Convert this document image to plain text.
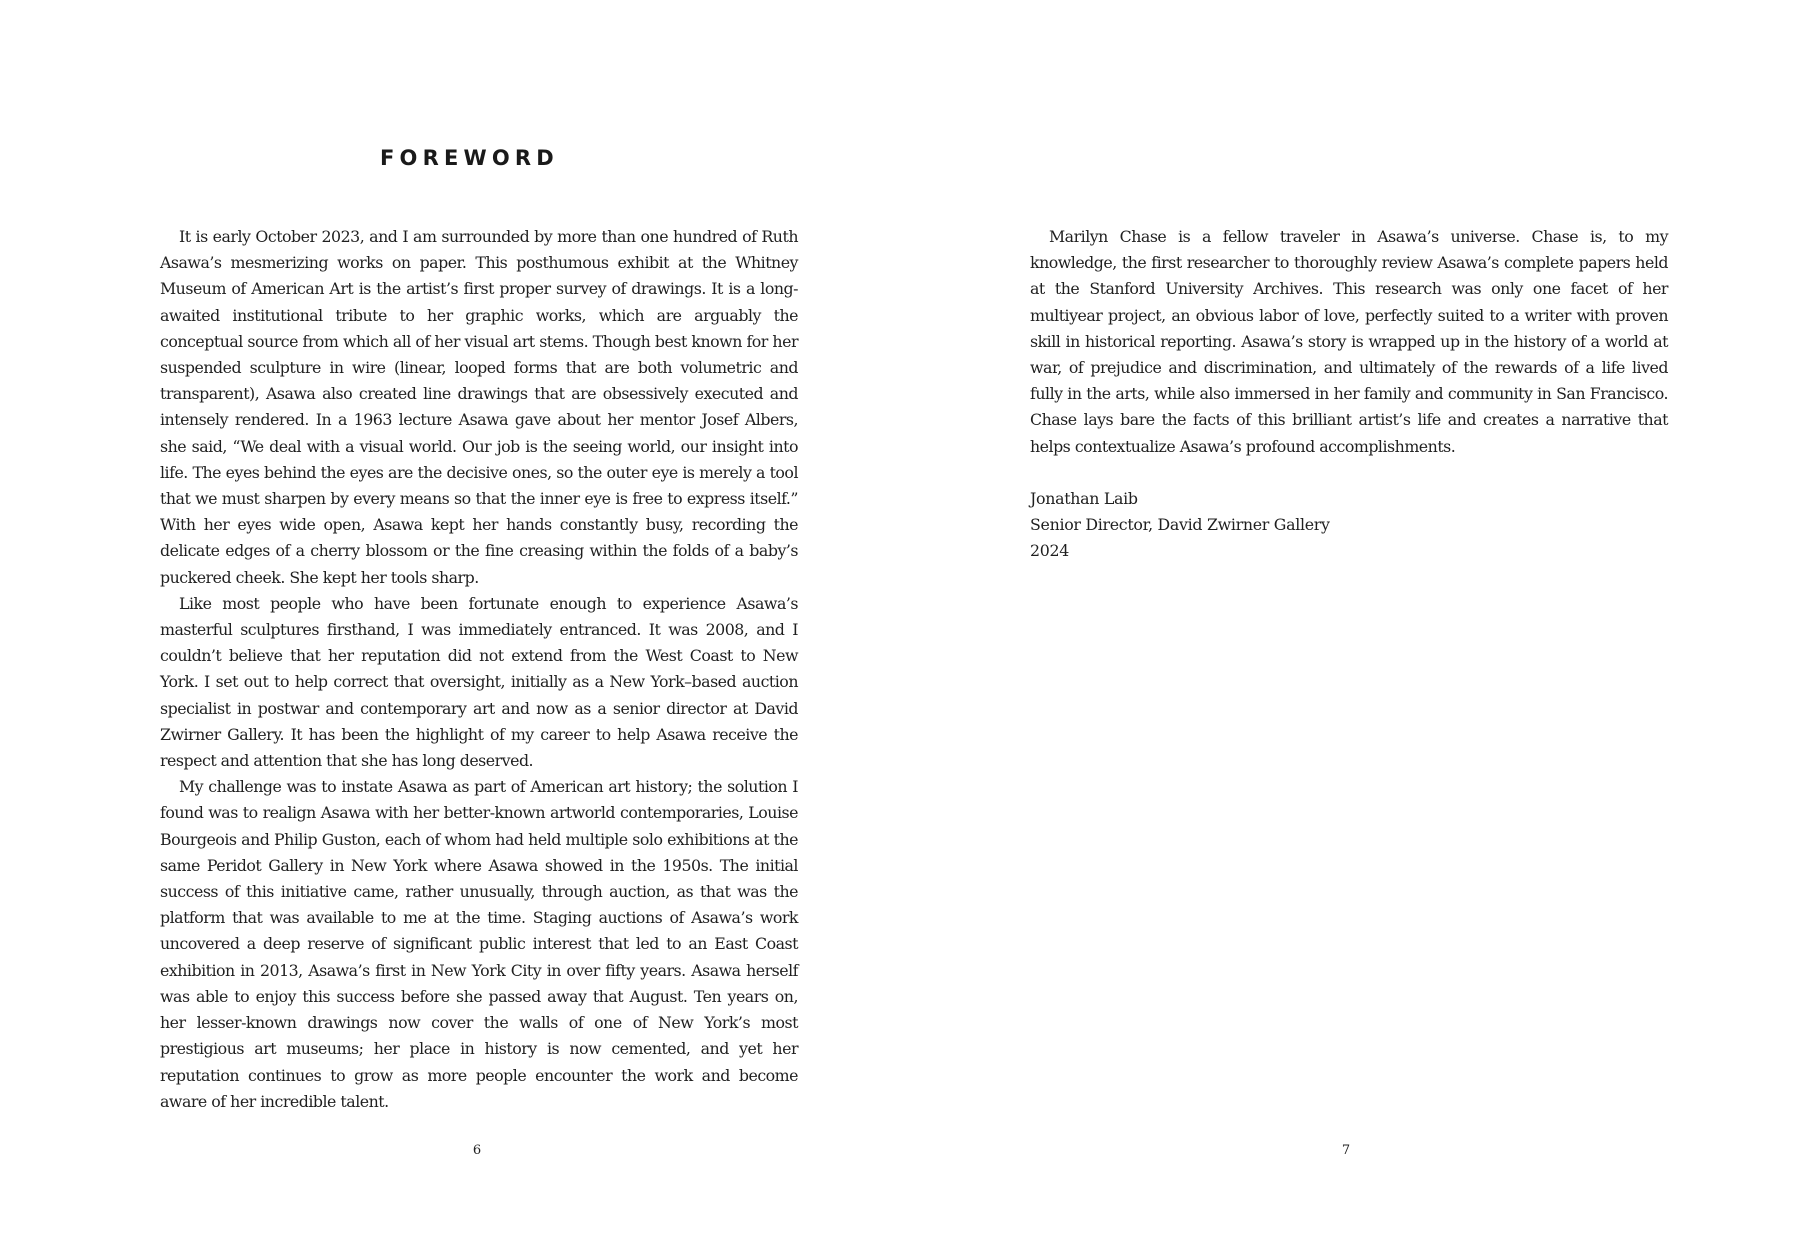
FOREWORD

It is early October 2023, and I am surrounded by more than one hundred of Ruth Asawa’s mesmerizing works on paper. This posthumous exhibit at the Whitney Museum of American Art is the artist’s first proper survey of drawings. It is a long-awaited institutional tribute to her graphic works, which are arguably the conceptual source from which all of her visual art stems. Though best known for her suspended sculpture in wire (linear, looped forms that are both volumetric and transparent), Asawa also created line drawings that are obsessively executed and intensely rendered. In a 1963 lecture Asawa gave about her mentor Josef Albers, she said, “We deal with a visual world. Our job is the seeing world, our insight into life. The eyes behind the eyes are the decisive ones, so the outer eye is merely a tool that we must sharpen by every means so that the inner eye is free to express itself.” With her eyes wide open, Asawa kept her hands constantly busy, recording the delicate edges of a cherry blossom or the fine creasing within the folds of a baby’s puckered cheek. She kept her tools sharp.

Like most people who have been fortunate enough to experience Asawa’s masterful sculptures firsthand, I was immediately entranced. It was 2008, and I couldn’t believe that her reputation did not extend from the West Coast to New York. I set out to help correct that oversight, initially as a New York–based auction specialist in postwar and contemporary art and now as a senior director at David Zwirner Gallery. It has been the highlight of my career to help Asawa receive the respect and attention that she has long deserved.

My challenge was to instate Asawa as part of American art history; the solution I found was to realign Asawa with her better-known artworld contemporaries, Louise Bourgeois and Philip Guston, each of whom had held multiple solo exhibitions at the same Peridot Gallery in New York where Asawa showed in the 1950s. The initial success of this initiative came, rather unusually, through auction, as that was the platform that was available to me at the time. Staging auctions of Asawa’s work uncovered a deep reserve of significant public interest that led to an East Coast exhibition in 2013, Asawa’s first in New York City in over fifty years. Asawa herself was able to enjoy this success before she passed away that August. Ten years on, her lesser-known drawings now cover the walls of one of New York’s most prestigious art museums; her place in history is now cemented, and yet her reputation continues to grow as more people encounter the work and become aware of her incredible talent.

6

Marilyn Chase is a fellow traveler in Asawa’s universe. Chase is, to my knowledge, the first researcher to thoroughly review Asawa’s complete papers held at the Stanford University Archives. This research was only one facet of her multiyear project, an obvious labor of love, perfectly suited to a writer with proven skill in historical reporting. Asawa’s story is wrapped up in the history of a world at war, of prejudice and discrimination, and ultimately of the rewards of a life lived fully in the arts, while also immersed in her family and community in San Francisco. Chase lays bare the facts of this brilliant artist’s life and creates a narrative that helps contextualize Asawa’s profound accomplishments.

Jonathan Laib
Senior Director, David Zwirner Gallery
2024
7
